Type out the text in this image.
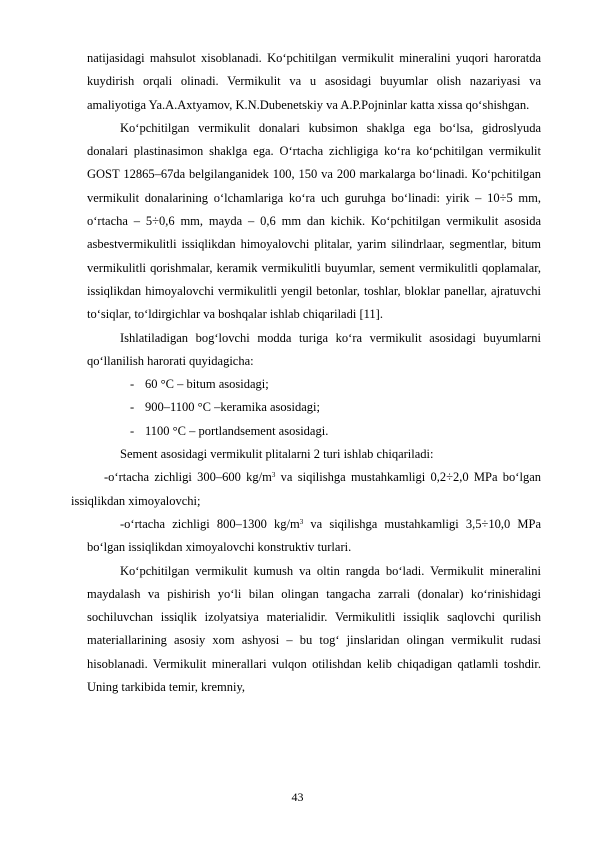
natijasidagi mahsulot xisoblanadi. Ko‘pchitilgan vermikulit mineralini yuqori haroratda kuydirish orqali olinadi. Vermikulit va u asosidagi buyumlar olish nazariyasi va amaliyotiga Ya.A.Axtyamov, K.N.Dubenetskiy va A.P.Pojninlar katta xissa qo‘shishgan.

Ko‘pchitilgan vermikulit donalari kubsimon shaklga ega bo‘lsa, gidroslyuda donalari plastinasimon shaklga ega. O‘rtacha zichligiga ko‘ra ko‘pchitilgan vermikulit GOST 12865–67da belgilanganidek 100, 150 va 200 markalarga bo‘linadi. Ko‘pchitilgan vermikulit donalarining o‘lchamlariga ko‘ra uch guruhga bo‘linadi: yirik – 10÷5 mm, o‘rtacha – 5÷0,6 mm, mayda – 0,6 mm dan kichik. Ko‘pchitilgan vermikulit asosida asbestvermikulitli issiqlikdan himoyalovchi plitalar, yarim silindrlaar, segmentlar, bitum vermikulitli qorishmalar, keramik vermikulitli buyumlar, sement vermikulitli qoplamalar, issiqlikdan himoyalovchi vermikulitli yengil betonlar, toshlar, bloklar panellar, ajratuvchi to‘siqlar, to‘ldirgichlar va boshqalar ishlab chiqariladi [11].

Ishlatiladigan bog‘lovchi modda turiga ko‘ra vermikulit asosidagi buyumlarni qo‘llanilish harorati quyidagicha:

- 60 °C – bitum asosidagi;
- 900–1100 °C –keramika asosidagi;
- 1100 °C – portlandsement asosidagi.

Sement asosidagi vermikulit plitalarni 2 turi ishlab chiqariladi:

-o‘rtacha zichligi 300–600 $kg/m^3$ va siqilishga mustahkamligi 0,2÷2,0 MPa bo‘lgan issiqlikdan ximoyalovchi;

-o‘rtacha zichligi 800–1300 $kg/m^3$ va siqilishga mustahkamligi 3,5÷10,0 MPa bo‘lgan issiqlikdan ximoyalovchi konstruktiv turlari.

Ko‘pchitilgan vermikulit kumush va oltin rangda bo‘ladi. Vermikulit mineralini maydalash va pishirish yo‘li bilan olingan tangacha zarrali (donalar) ko‘rinishidagi sochiluvchan issiqlik izolyatsiya materialidir. Vermikulitli issiqlik saqlovchi qurilish materiallarining asosiy xom ashyosi – bu tog‘ jinslaridan olingan vermikulit rudasi hisoblanadi. Vermikulit minerallari vulqon otilishdan kelib chiqadigan qatlamli toshdir. Uning tarkibida temir, kremniy,

43
